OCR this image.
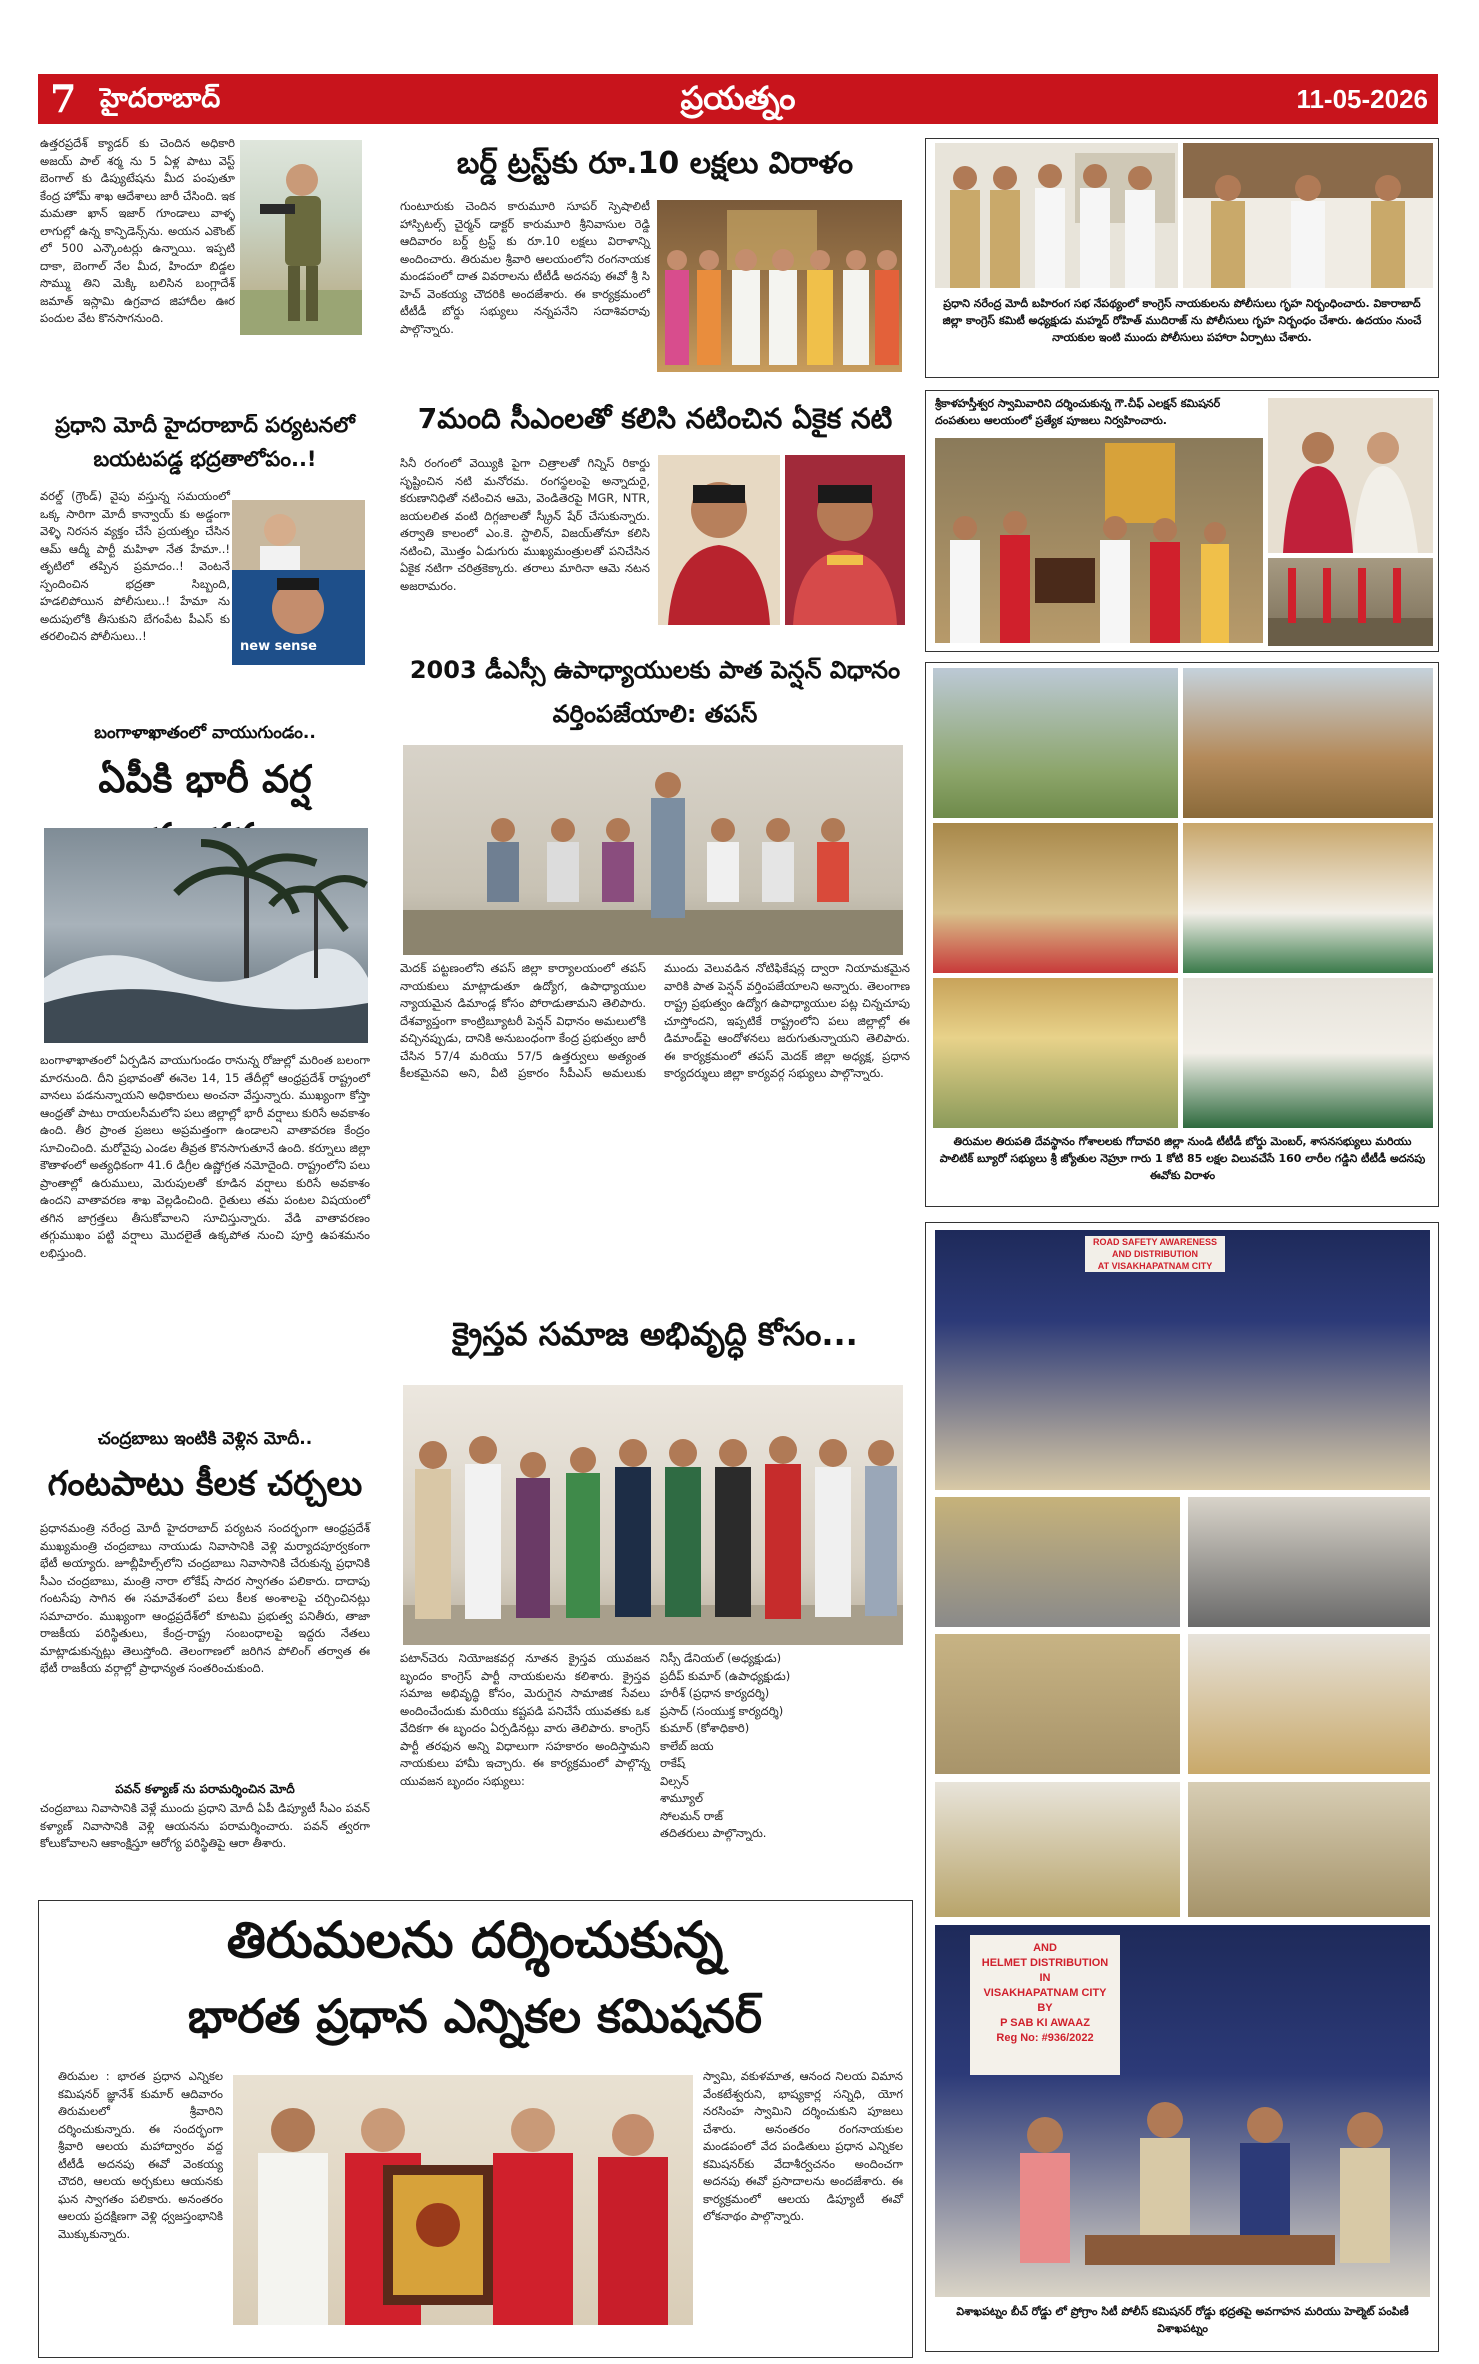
7 హైదరాబాద్	ప్రయత్నం	11-05-2026
ఉత్తరప్రదేశ్ క్యాడర్ కు చెందిన అధికారి అజయ్ పాల్ శర్మ ను 5 ఏళ్ల పాటు వెస్ట్ బెంగాల్ కు డిప్యుటేషను మీద పంపుతూ కేంద్ర హోమ్ శాఖ ఆదేశాలు జారీ చేసింది. ఇక మమతా ఖాన్ ఇజార్ గూండాలు వాళ్ళ లాగుల్లో ఉన్న కాన్ఫిడెన్స్‌ను. అయన ఎకౌంట్ లో 500 ఎన్కౌంటర్లు ఉన్నాయి. ఇప్పటి దాకా, బెంగాల్ నేల మీద, హిందూ బిడ్డల సొమ్ము తిని మెక్కి బలిసిన బంగ్లాదేశ్ జమాత్ ఇస్లామి ఉగ్రవాద జిహాదీల ఊర పందుల వేట కొనసాగనుంది.
ప్రధాని మోదీ హైదరాబాద్ పర్యటనలో బయటపడ్డ భద్రతాలోపం..!
వరల్డ్ (గ్రౌండ్) వైపు వస్తున్న సమయంలో ఒక్క సారిగా మోదీ కాన్వాయ్ కు అడ్డంగా వెళ్ళి నిరసన వ్యక్తం చేసే ప్రయత్నం చేసిన ఆమ్ ఆద్మీ పార్టీ మహిళా నేత హేమా..! తృటిలో తప్పిన ప్రమాదం..! వెంటనే స్పందించిన భద్రతా సిబ్బంది, హడలిపోయిన పోలీసులు..! హేమా ను అదుపులోకి తీసుకుని బేగంపేట పీఎస్ కు తరలించిన పోలీసులు..!
new sense
బంగాళాఖాతంలో వాయుగుండం..
ఏపీకి భారీ వర్ష
బంగాళాఖాతంలో ఏర్పడిన వాయుగుండం రానున్న రోజుల్లో మరింత బలంగా మారనుంది. దీని ప్రభావంతో ఈనెల 14, 15 తేదీల్లో ఆంధ్రప్రదేశ్ రాష్ట్రంలో వానలు పడనున్నాయని అధికారులు అంచనా వేస్తున్నారు. ముఖ్యంగా కోస్తా ఆంధ్రతో పాటు రాయలసీమలోని పలు జిల్లాల్లో భారీ వర్షాలు కురిసే అవకాశం ఉంది. తీర ప్రాంత ప్రజలు అప్రమత్తంగా ఉండాలని వాతావరణ కేంద్రం సూచించింది. మరోవైపు ఎండల తీవ్రత కొనసాగుతూనే ఉంది. కర్నూలు జిల్లా కౌతాళంలో అత్యధికంగా 41.6 డిగ్రీల ఉష్ణోగ్రత నమోదైంది. రాష్ట్రంలోని పలు ప్రాంతాల్లో ఉరుములు, మెరుపులతో కూడిన వర్షాలు కురిసే అవకాశం ఉందని వాతావరణ శాఖ వెల్లడించింది. రైతులు తమ పంటల విషయంలో తగిన జాగ్రత్తలు తీసుకోవాలని సూచిస్తున్నారు. వేడి వాతావరణం తగ్గుముఖం పట్టి వర్షాలు మొదలైతే ఉక్కపోత నుంచి పూర్తి ఉపశమనం లభిస్తుంది.
చంద్రబాబు ఇంటికి వెళ్లిన మోదీ..
గంటపాటు కీలక చర్చలు
ప్రధానమంత్రి నరేంద్ర మోదీ హైదరాబాద్ పర్యటన సందర్భంగా ఆంధ్రప్రదేశ్ ముఖ్యమంత్రి చంద్రబాబు నాయుడు నివాసానికి వెళ్లి మర్యాదపూర్వకంగా భేటీ అయ్యారు. జూబ్లీహిల్స్‌లోని చంద్రబాబు నివాసానికి చేరుకున్న ప్రధానికి సీఎం చంద్రబాబు, మంత్రి నారా లోకేష్ సాదర స్వాగతం పలికారు. దాదాపు గంటసేపు సాగిన ఈ సమావేశంలో పలు కీలక అంశాలపై చర్చించినట్లు సమాచారం. ముఖ్యంగా ఆంధ్రప్రదేశ్‌లో కూటమి ప్రభుత్వ పనితీరు, తాజా రాజకీయ పరిస్థితులు, కేంద్ర-రాష్ట్ర సంబంధాలపై ఇద్దరు నేతలు మాట్లాడుకున్నట్లు తెలుస్తోంది. తెలంగాణలో జరిగిన పోలింగ్ తర్వాత ఈ భేటీ రాజకీయ వర్గాల్లో ప్రాధాన్యత సంతరించుకుంది.
పవన్ కళ్యాణ్ ను పరామర్శించిన మోదీ
చంద్రబాబు నివాసానికి వెళ్లే ముందు ప్రధాని మోదీ ఏపీ డిప్యూటీ సీఎం పవన్ కళ్యాణ్ నివాసానికి వెళ్లి ఆయనను పరామర్శించారు. పవన్ త్వరగా కోలుకోవాలని ఆకాంక్షిస్తూ ఆరోగ్య పరిస్థితిపై ఆరా తీశారు.
బర్డ్ ట్రస్ట్‌కు రూ.10 లక్షలు విరాళం
గుంటూరుకు చెందిన కారుమూరి సూపర్ స్పెషాలిటీ హాస్పిటల్స్ చైర్మన్ డాక్టర్ కారుమూరి శ్రీనివాసుల రెడ్డి ఆదివారం బర్డ్ ట్రస్ట్ కు రూ.10 లక్షలు విరాళాన్ని అందించారు. తిరుమల శ్రీవారి ఆలయంలోని రంగనాయక మండపంలో దాత వివరాలను టీటీడీ అదనపు ఈవో శ్రీ సి హెచ్ వెంకయ్య చౌదరికి అందజేశారు. ఈ కార్యక్రమంలో టీటీడీ బోర్డు సభ్యులు నన్నపనేని సదాశివరావు పాల్గొన్నారు.
7మంది సీఎంలతో కలిసి నటించిన ఏకైక నటి
సినీ రంగంలో వెయ్యికి పైగా చిత్రాలతో గిన్నిస్ రికార్డు సృష్టించిన నటి మనోరమ. రంగస్థలంపై అన్నాదురై, కరుణానిధితో నటించిన ఆమె, వెండితెరపై MGR, NTR, జయలలిత వంటి దిగ్గజాలతో స్క్రీన్ షేర్ చేసుకున్నారు. తర్వాతి కాలంలో ఎం.కె. స్టాలిన్, విజయ్‌తోనూ కలిసి నటించి, మొత్తం ఏడుగురు ముఖ్యమంత్రులతో పనిచేసిన ఏకైక నటిగా చరిత్రకెక్కారు. తరాలు మారినా ఆమె నటన అజరామరం.
2003 డీఎస్సీ ఉపాధ్యాయులకు పాత పెన్షన్ విధానం వర్తింపజేయాలి: తపస్
మెదక్ పట్టణంలోని తపస్ జిల్లా కార్యాలయంలో తపస్ నాయకులు మాట్లాడుతూ ఉద్యోగ, ఉపాధ్యాయుల న్యాయమైన డిమాండ్ల కోసం పోరాడుతామని తెలిపారు. దేశవ్యాప్తంగా కాంట్రిబ్యూటరీ పెన్షన్ విధానం అమలులోకి వచ్చినప్పుడు, దానికి అనుబంధంగా కేంద్ర ప్రభుత్వం జారీ చేసిన 57/4 మరియు 57/5 ఉత్తర్వులు అత్యంత కీలకమైనవి అని, వీటి ప్రకారం సీపీఎస్ అమలుకు ముందు వెలువడిన నోటిఫికేషన్ల ద్వారా నియామకమైన వారికి పాత పెన్షన్ వర్తింపజేయాలని అన్నారు. తెలంగాణ రాష్ట్ర ప్రభుత్వం ఉద్యోగ ఉపాధ్యాయుల పట్ల చిన్నచూపు చూస్తోందని, ఇప్పటికే రాష్ట్రంలోని పలు జిల్లాల్లో ఈ డిమాండ్‌పై ఆందోళనలు జరుగుతున్నాయని తెలిపారు. ఈ కార్యక్రమంలో తపస్ మెదక్ జిల్లా అధ్యక్ష, ప్రధాన కార్యదర్శులు జిల్లా కార్యవర్గ సభ్యులు పాల్గొన్నారు.
క్రైస్తవ సమాజ అభివృద్ధి కోసం...
పటాన్‌చెరు నియోజకవర్గ నూతన క్రైస్తవ యువజన బృందం కాంగ్రెస్ పార్టీ నాయకులను కలిశారు. క్రైస్తవ సమాజ అభివృద్ధి కోసం, మెరుగైన సామాజిక సేవలు అందించేందుకు మరియు కష్టపడి పనిచేసే యువతకు ఒక వేదికగా ఈ బృందం ఏర్పడినట్లు వారు తెలిపారు. కాంగ్రెస్ పార్టీ తరఫున అన్ని విధాలుగా సహకారం అందిస్తామని నాయకులు హామీ ఇచ్చారు. ఈ కార్యక్రమంలో పాల్గొన్న యువజన బృందం సభ్యులు:
నిస్సీ డేనియల్ (అధ్యక్షుడు)
ప్రదీప్ కుమార్ (ఉపాధ్యక్షుడు)
హరీశ్ (ప్రధాన కార్యదర్శి)
ప్రసాద్ (సంయుక్త కార్యదర్శి)
కుమార్ (కోశాధికారి)
కాలేబ్ జయ
రాకేష్
విల్సన్
శామ్యూల్
సోలమన్ రాజ్
తదితరులు పాల్గొన్నారు.
తిరుమలను దర్శించుకున్న
భారత ప్రధాన ఎన్నికల కమిషనర్
తిరుమల : భారత ప్రధాన ఎన్నికల కమిషనర్ జ్ఞానేశ్ కుమార్ ఆదివారం తిరుమలలో శ్రీవారిని దర్శించుకున్నారు. ఈ సందర్భంగా శ్రీవారి ఆలయ మహాద్వారం వద్ద టీటీడీ అదనపు ఈవో వెంకయ్య చౌదరి, ఆలయ అర్చకులు ఆయనకు ఘన స్వాగతం పలికారు. అనంతరం ఆలయ ప్రదక్షిణగా వెళ్లి ధ్వజస్తంభానికి మొక్కుకున్నారు.
స్వామి, వకుళమాత, ఆనంద నిలయ విమాన వేంకటేశ్వరుని, భాష్యకార్ల సన్నిధి, యోగ నరసింహ స్వామిని దర్శించుకుని పూజలు చేశారు. అనంతరం రంగనాయకుల మండపంలో వేద పండితులు ప్రధాన ఎన్నికల కమిషనర్‌కు వేదాశీర్వచనం అందించగా అదనపు ఈవో ప్రసాదాలను అందజేశారు. ఈ కార్యక్రమంలో ఆలయ డిప్యూటీ ఈవో లోకనాథం పాల్గొన్నారు.
ప్రధాని నరేంద్ర మోదీ బహిరంగ సభ నేపథ్యంలో కాంగ్రెస్ నాయకులను పోలీసులు గృహ నిర్బంధించారు. వికారాబాద్ జిల్లా కాంగ్రెస్ కమిటీ అధ్యక్షుడు మహ్మద్ రోహిత్ ముదిరాజ్ ను పోలీసులు గృహ నిర్బంధం చేశారు. ఉదయం నుంచే నాయకుల ఇంటి ముందు పోలీసులు పహారా ఏర్పాటు చేశారు.
శ్రీకాళహస్తీశ్వర స్వామివారిని దర్శించుకున్న గౌ.చీఫ్ ఎలక్షన్ కమిషనర్ దంపతులు ఆలయంలో ప్రత్యేక పూజలు నిర్వహించారు.
తిరుమల తిరుపతి దేవస్థానం గోశాలలకు గోదావరి జిల్లా నుండి టీటీడీ బోర్డు మెంబర్, శాసనసభ్యులు మరియు పాలిటిక్ బ్యూరో సభ్యులు శ్రీ జ్యోతుల నెహ్రూ గారు 1 కోటి 85 లక్షల విలువచేసే 160 లారీల గడ్డిని టీటీడీ అదనపు ఈవోకు విరాళం
ROAD SAFETY AWARENESS
AND DISTRIBUTION
AT VISAKHAPATNAM CITY
AND
HELMET DISTRIBUTION
IN
VISAKHAPATNAM CITY
BY
P SAB KI AWAAZ
Reg No: #936/2022
విశాఖపట్నం బీచ్ రోడ్డు లో ప్రోగ్రాం సిటీ పోలీస్ కమిషనర్ రోడ్డు భద్రతపై అవగాహన మరియు హెల్మెట్ పంపిణీ విశాఖపట్నం
